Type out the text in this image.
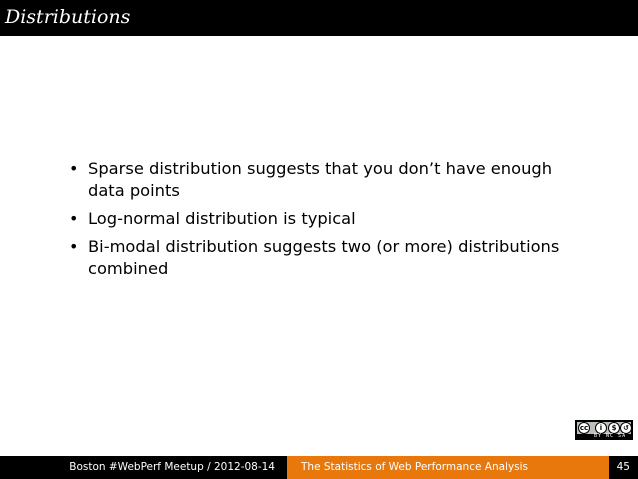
Distributions
• Sparse distribution suggests that you don’t have enough
data points
• Log-normal distribution is typical
• Bi-modal distribution suggests two (or more) distributions
combined
cc	i	$ ↺
BY NC SA
Boston #WebPerf Meetup / 2012-08-14 The Statistics of Web Performance Analysis	45
